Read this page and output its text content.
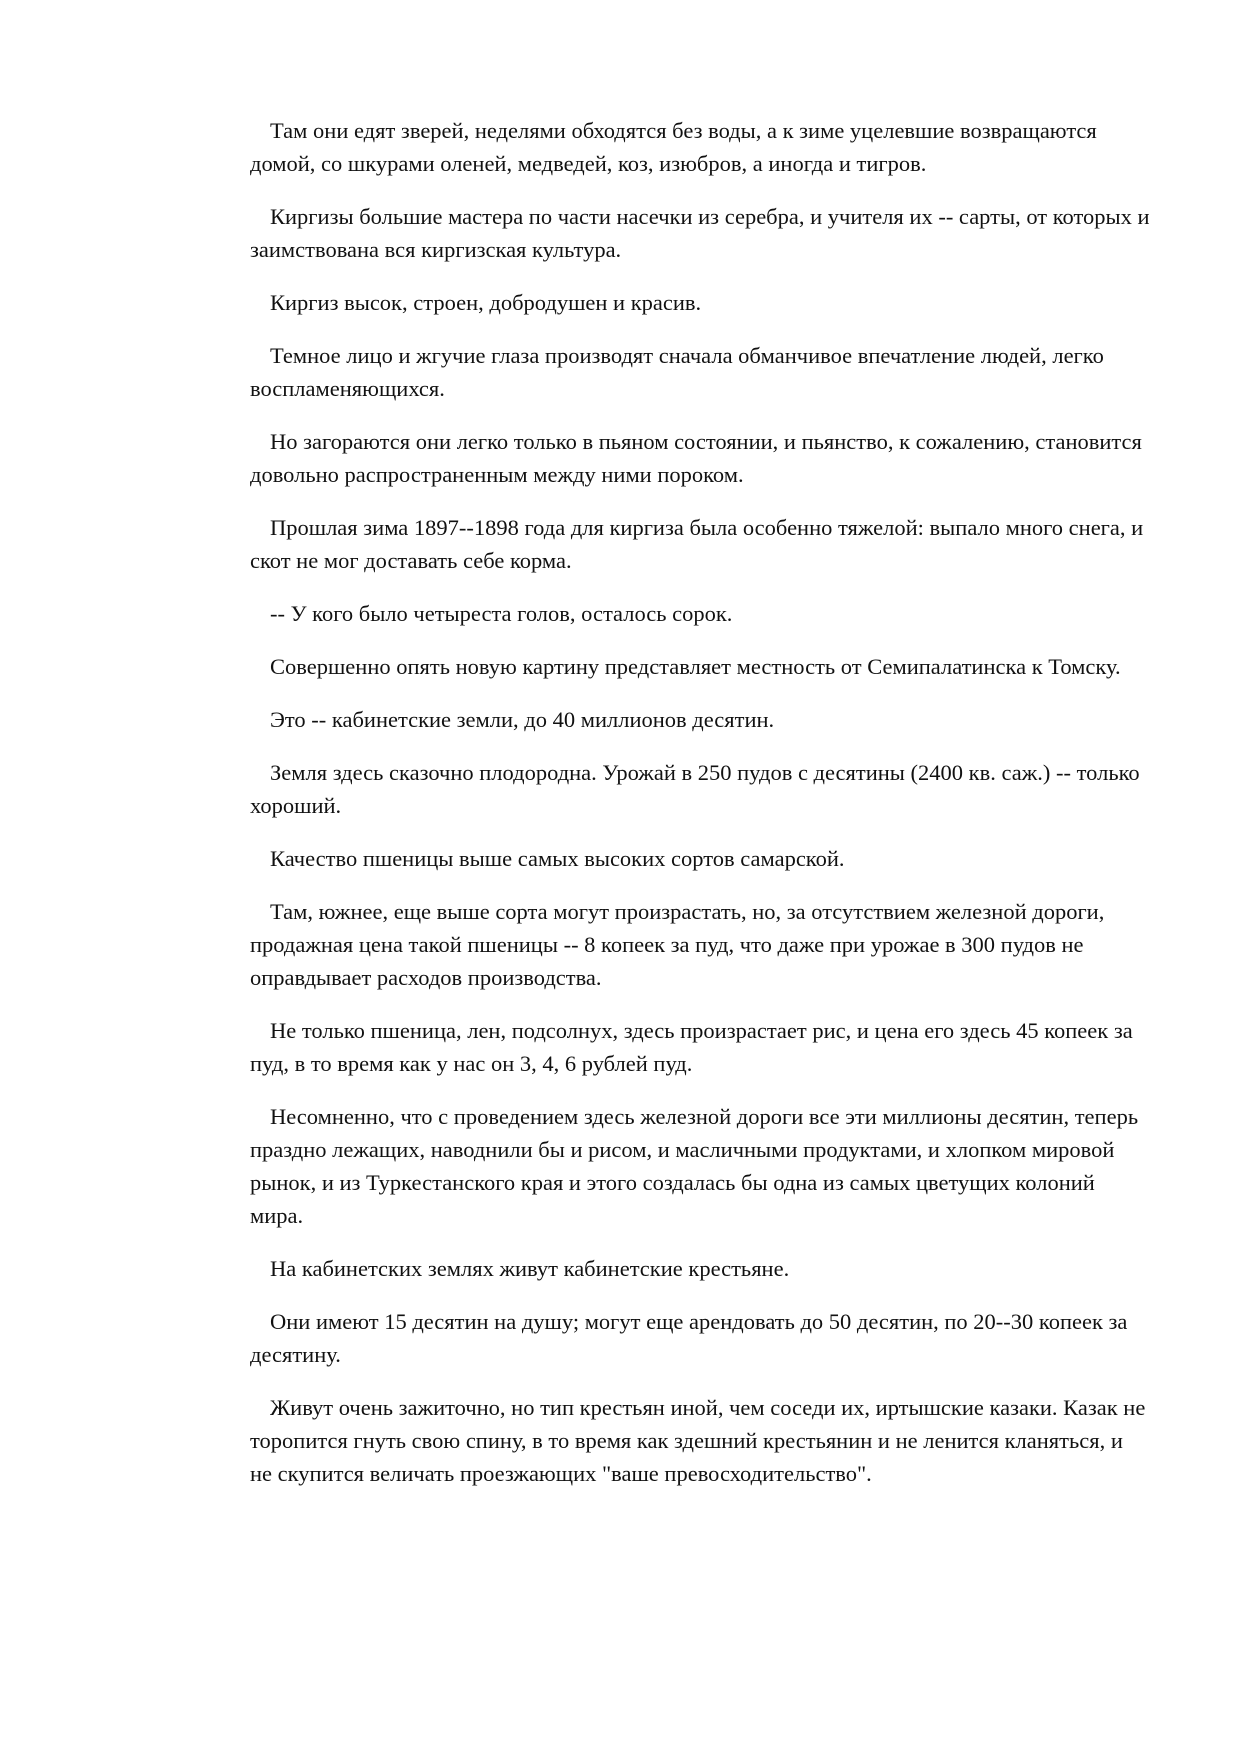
Там они едят зверей, неделями обходятся без воды, а к зиме уцелевшие возвращаются домой, со шкурами оленей, медведей, коз, изюбров, а иногда и тигров.

Киргизы большие мастера по части насечки из серебра, и учителя их -- сарты, от которых и заимствована вся киргизская культура.

Киргиз высок, строен, добродушен и красив.

Темное лицо и жгучие глаза производят сначала обманчивое впечатление людей, легко воспламеняющихся.

Но загораются они легко только в пьяном состоянии, и пьянство, к сожалению, становится довольно распространенным между ними пороком.

Прошлая зима 1897--1898 года для киргиза была особенно тяжелой: выпало много снега, и скот не мог доставать себе корма.

-- У кого было четыреста голов, осталось сорок.

Совершенно опять новую картину представляет местность от Семипалатинска к Томску.

Это -- кабинетские земли, до 40 миллионов десятин.

Земля здесь сказочно плодородна. Урожай в 250 пудов с десятины (2400 кв. саж.) -- только хороший.

Качество пшеницы выше самых высоких сортов самарской.

Там, южнее, еще выше сорта могут произрастать, но, за отсутствием железной дороги, продажная цена такой пшеницы -- 8 копеек за пуд, что даже при урожае в 300 пудов не оправдывает расходов производства.

Не только пшеница, лен, подсолнух, здесь произрастает рис, и цена его здесь 45 копеек за пуд, в то время как у нас он 3, 4, 6 рублей пуд.

Несомненно, что с проведением здесь железной дороги все эти миллионы десятин, теперь праздно лежащих, наводнили бы и рисом, и масличными продуктами, и хлопком мировой рынок, и из Туркестанского края и этого создалась бы одна из самых цветущих колоний мира.

На кабинетских землях живут кабинетские крестьяне.

Они имеют 15 десятин на душу; могут еще арендовать до 50 десятин, по 20--30 копеек за десятину.

Живут очень зажиточно, но тип крестьян иной, чем соседи их, иртышские казаки. Казак не торопится гнуть свою спину, в то время как здешний крестьянин и не ленится кланяться, и не скупится величать проезжающих "ваше превосходительство".
